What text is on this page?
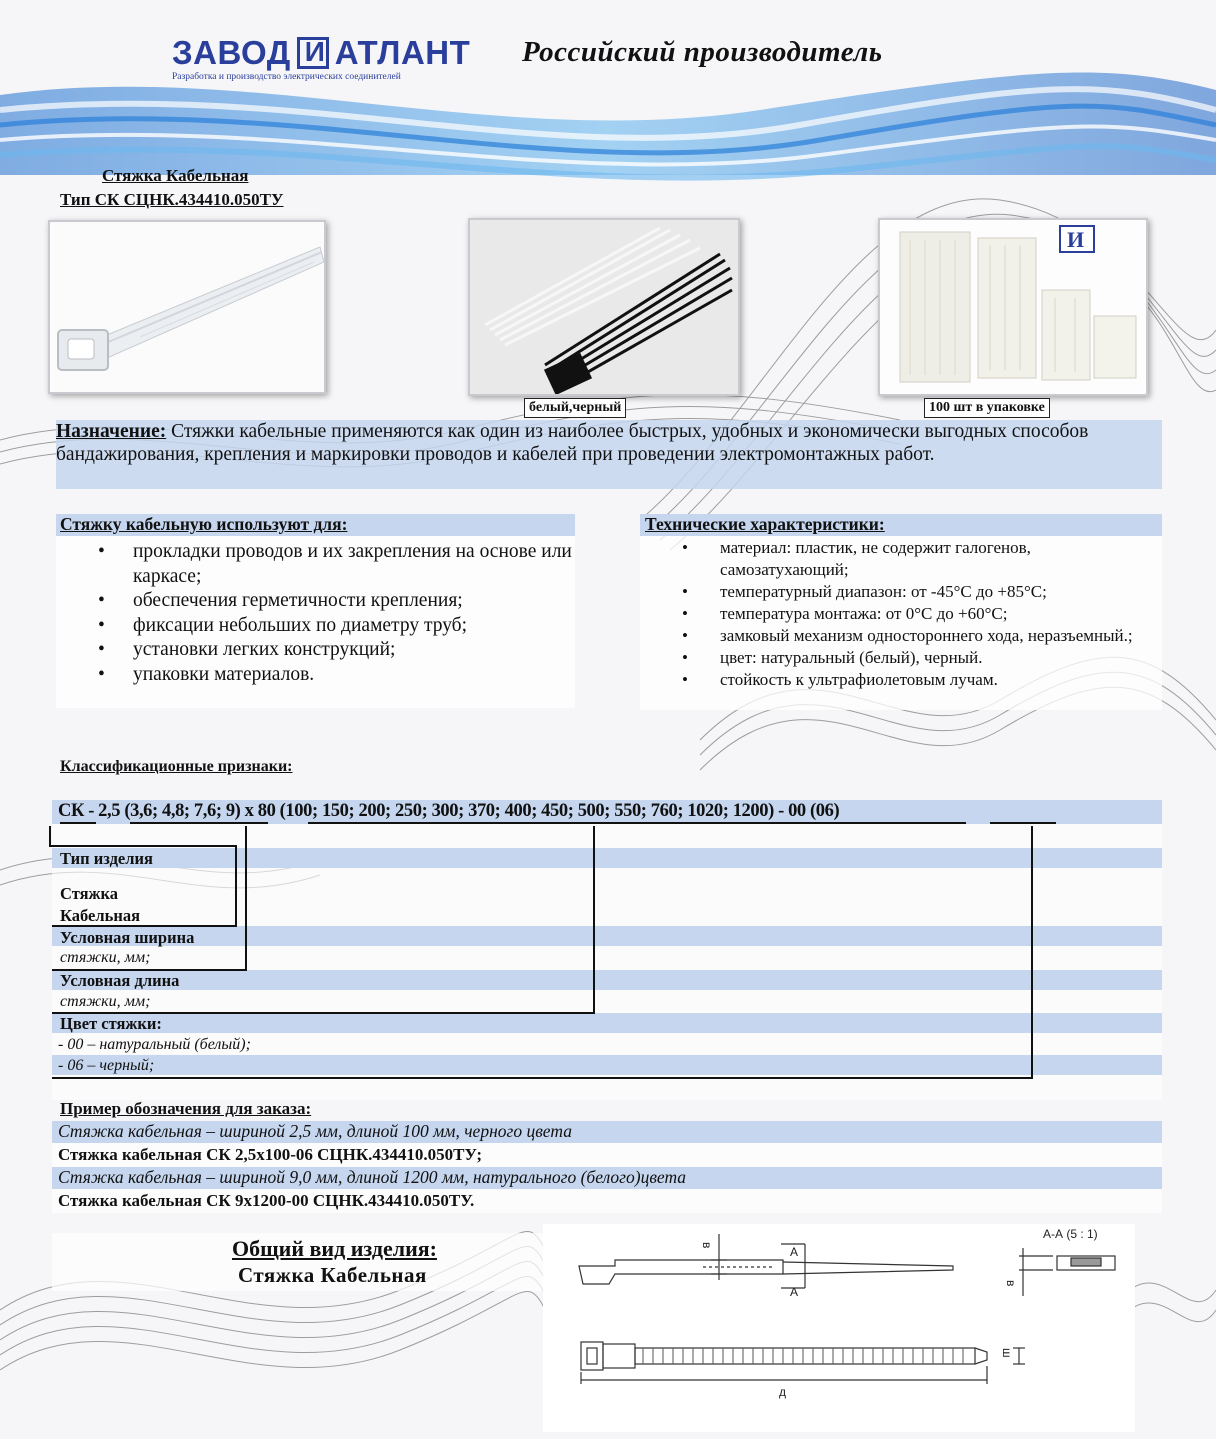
ЗАВОД И АТЛАНТ
Разработка и производство электрических соединителей
Российский производитель
Стяжка Кабельная
Тип СК СЦНК.434410.050ТУ
И
белый,черный	100 шт в упаковке
Назначение: Стяжки кабельные применяются как один из наиболее быстрых, удобных и экономически выгодных способов бандажирования, крепления и маркировки проводов и кабелей при проведении электромонтажных работ.
Стяжку кабельную используют для:
• прокладки проводов и их закрепления на основе или каркасе;
• обеспечения герметичности крепления;
• фиксации небольших по диаметру труб;
• установки легких конструкций;
• упаковки материалов.
Технические характеристики:
• материал: пластик, не содержит галогенов, самозатухающий;
• температурный диапазон: от -45°С до +85°С;
• температура монтажа: от 0°С до +60°С;
• замковый механизм одностороннего хода, неразъемный.;
• цвет: натуральный (белый), черный.
• стойкость к ультрафиолетовым лучам.
Классификационные признаки:
СК - 2,5 (3,6; 4,8; 7,6; 9) x 80 (100; 150; 200; 250; 300; 370; 400; 450; 500; 550; 760; 1020; 1200) - 00 (06)
Тип изделия
Стяжка
Кабельная
Условная ширина
стяжки, мм;
Условная длина
стяжки, мм;
Цвет стяжки:
- 00 – натуральный (белый);
- 06 – черный;
Пример обозначения для заказа:
Стяжка кабельная – шириной 2,5 мм, длиной 100 мм, черного цвета
Стяжка кабельная СК 2,5х100-06 СЦНК.434410.050ТУ;
Стяжка кабельная – шириной 9,0 мм, длиной 1200 мм, натурального (белого)цвета
Стяжка кабельная СК 9х1200-00 СЦНК.434410.050ТУ.
Общий вид изделия:
Стяжка Кабельная
А-А (5 : 1)
в	А
А
в
ш
д
